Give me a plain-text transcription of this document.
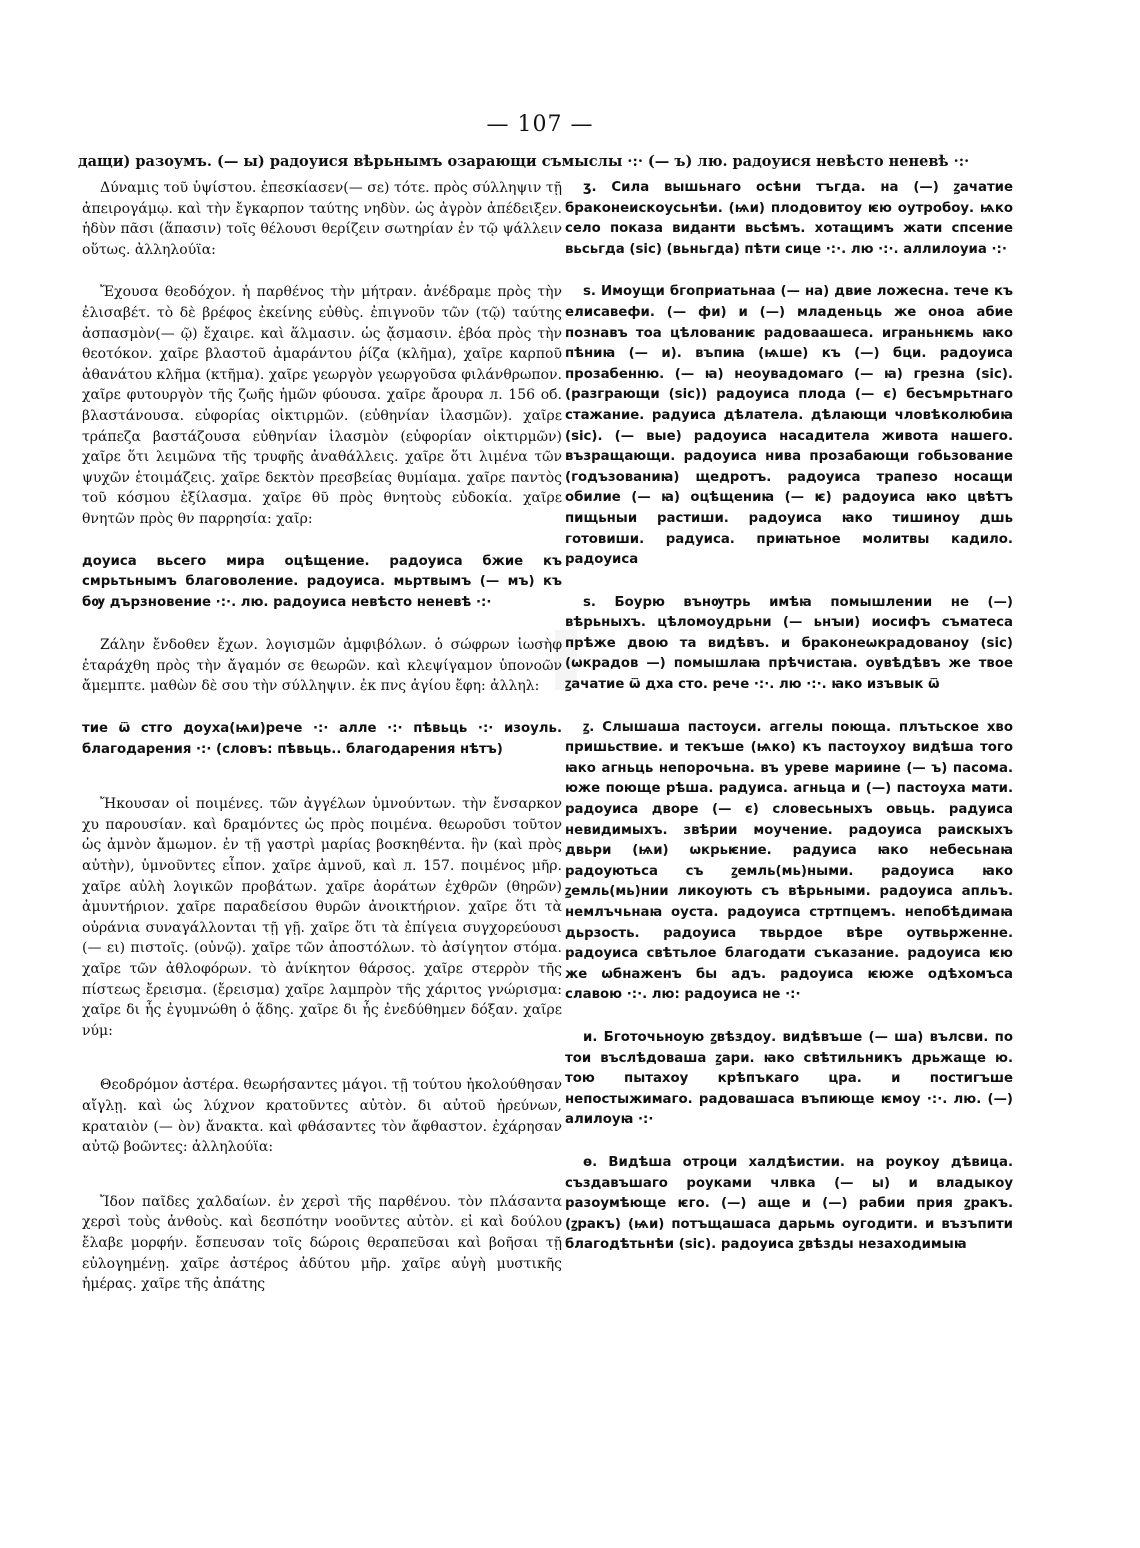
— 107 —
дащи) разоумъ. (— ы) радоуися вѣрьнымъ озарающи съмыслы ·:· (— ъ) лю. радоуися невѣсто неневѣ ·:·

Δύναμις τοῦ ὑψίστου. ἐπεσκίασεν(— σε) τότε. πρὸς σύλληψιν τῇ ἀπειρογάμῳ. καὶ τὴν ἔγκαρπον ταύτης νηδὺν. ὡς ἀγρὸν ἀπέδειξεν. ἡδὺν πᾶσι (ἅπασιν) τοῖς θέλουσι θερίζειν σωτηρίαν ἐν τῷ ψάλλειν οὕτως. ἀλληλούϊα:

Ἔχουσα θεοδόχον. ἡ παρθένος τὴν μήτραν. ἀνέδραμε πρὸς τὴν ἐλισαβέτ. τὸ δὲ βρέφος ἐκείνης εὐθὺς. ἐπιγνοῦν τῶν (τῷ) ταύτης ἀσπασμὸν(— ῷ) ἔχαιρε. καὶ ἅλμασιν. ὡς ᾄσμασιν. ἐβόα πρὸς τὴν θεοτόκον. χαῖρε βλαστοῦ ἀμαράντου ῥίζα (κλῆμα), χαῖρε καρποῦ ἀθανάτου κλῆμα (κτῆμα). χαῖρε γεωργὸν γεωργοῦσα φιλάνθρωπον. χαῖρε φυτουργὸν τῆς ζωῆς ἡμῶν φύουσα. χαῖρε ἄρουρα л. 156 об. βλαστάνουσα. εὐφορίας οἰκτιρμῶν. (εὐθηνίαν ἱλασμῶν). χαῖρε τράπεζα βαστάζουσα εὐθηνίαν ἱλασμὸν (εὐφορίαν οἰκτιρμῶν) χαῖρε ὅτι λειμῶνα τῆς τρυφῆς ἀναθάλλεις. χαῖρε ὅτι λιμένα τῶν ψυχῶν ἑτοιμάζεις. χαῖρε δεκτὸν πρεσβείας θυμίαμα. χαῖρε παντὸς τοῦ κόσμου ἐξίλασμα. χαῖρε θῦ πρὸς θνητοὺς εὐδοκία. χαῖρε θνητῶν πρὸς θν παρρησία: χαῖρ:

доуиса вьсего мира оцѣщение. радоуиса бжие къ смрьтьнымъ благоволение. радоуиса. мьртвымъ (— мъ) къ бѹ дързновение ·:·. лю. радоуиса невѣсто неневѣ ·:·

Ζάλην ἔνδοθεν ἔχων. λογισμῶν ἀμφιβόλων. ὁ σώφρων ἰωσὴφ ἐταράχθη πρὸς τὴν ἄγαμόν σε θεωρῶν. καὶ κλεψίγαμον ὑπονοῶν ἄμεμπτε. μαθὼν δὲ σου τὴν σύλληψιν. ἐκ πνς ἁγίου ἔφη: ἀλληλ:

тие ѿ стго доуха(ѩи)рече ·:· алле ·:· пѣвьць ·:· изоуль. благодарения ·:· (словъ: пѣвьць.. благодарения нѣтъ)

Ἤκουσαν οἱ ποιμένες. τῶν ἀγγέλων ὑμνούντων. τὴν ἔνσαρκον χυ παρουσίαν. καὶ δραμόντες ὡς πρὸς ποιμένα. θεωροῦσι τοῦτον ὡς ἀμνὸν ἄμωμον. ἐν τῇ γαστρὶ μαρίας βοσκηθέντα. ἣν (καὶ πρὸς αὐτὴν), ὑμνοῦντες εἶπον. χαῖρε ἀμνοῦ, καὶ л. 157. ποιμένος μῆρ. χαῖρε αὐλὴ λογικῶν προβάτων. χαῖρε ἀοράτων ἐχθρῶν (θηρῶν) ἀμυντήριον. χαῖρε παραδείσου θυρῶν ἀνοικτήριον. χαῖρε ὅτι τὰ οὐράνια συναγάλλονται τῇ γῇ. χαῖρε ὅτι τὰ ἐπίγεια συγχορεύουσι (— ει) πιστοῖς. (οὐνῷ). χαῖρε τῶν ἀποστόλων. τὸ ἀσίγητον στόμα. χαῖρε τῶν ἀθλοφόρων. τὸ ἀνίκητον θάρσος. χαῖρε στερρὸν τῆς πίστεως ἔρεισμα. (ἔρεισμα) χαῖρε λαμπρὸν τῆς χάριτος γνώρισμα: χαῖρε δι ἧς ἐγυμνώθη ὁ ᾅδης. χαῖρε δι ἧς ἐνεδύθημεν δόξαν. χαῖρε νύμ:

Θεοδρόμον ἀστέρα. θεωρήσαντες μάγοι. τῇ τούτου ἠκολούθησαν αἴγλῃ. καὶ ὡς λύχνον κρατοῦντες αὐτὸν. δι αὐτοῦ ἠρεύνων, κραταιὸν (— ὸν) ἄνακτα. καὶ φθάσαντες τὸν ἄφθαστον. ἐχάρησαν αὐτῷ βοῶντες: ἀλληλούϊα:

Ἴδον παῖδες χαλδαίων. ἐν χερσὶ τῆς παρθένου. τὸν πλάσαντα χερσὶ τοὺς ἀνθοὺς. καὶ δεσπότην νοοῦντες αὐτὸν. εἰ καὶ δούλου ἔλαβε μορφήν. ἔσπευσαν τοῖς δώροις θεραπεῦσαι καὶ βοῆσαι τῇ εὐλογημένῃ. χαῖρε ἀστέρος ἀδύτου μῆρ. χαῖρε αὐγὴ μυστικῆς ἡμέρας. χαῖρε τῆς ἀπάτης

ӡ. Сила вышьнаго осѣни тъгда. на (—) ꙁачатие браконеискоусьнѣи. (ѩи) плодовитоу ѥю оутробоу. ѩко село показа виданти вьсѣмъ. хотащимъ жати спсение вьсьгда (sic) (вьньгда) пѣти сице ·:·. лю ·:·. аллилоуиа ·:·

ѕ. Имоущи бгоприатьнаа (— на) двие ложесна. тече къ елисавефи. (— фи) и (—) младеньць же оноа абие познавъ тоа цѣлованиѥ радоваашеса. играньнѥмь ꙗко пѣниꙗ (— и). въпиꙗ (ѩше) къ (—) бци. радоуиса прозабенню. (— ꙗ) неоувадомаго (— ꙗ) грезна (sic). (разграющи (sic)) радоуиса плода (— є) бесъмрьтнаго стажание. радуиса дѣлатела. дѣлающи чловѣколюбиꙗ (sic). (— вые) радоуиса насадитела живота нашего. възращающи. радоуиса нива прозабающи гобьзование (годъзованиꙗ) щедротъ. радоуиса трапезо носащи обилие (— ꙗ) оцѣщениꙗ (— ѥ) радоуиса ꙗко цвѣтъ пищьныи растиши. радоуиса ꙗко тишиноу дшь готовиши. радуиса. приꙗтьное молитвы кадило. радоуиса

ѕ. Боурю вънѹтрь имѣꙗ помышлении не (—) вѣрьныхъ. цѣломоудрьни (— ьнꙑи) иосифъ съматеса прѣже двою та видѣвъ. и браконеѡкрадованоу (sic) (ѡкрадов —) помышлаꙗ прѣчистаꙗ. оувѣдѣвъ же твое ꙁачатие ѿ дха сто. рече ·:·. лю ·:·. ꙗко изъвык ѿ

ꙁ. Слышаша пастоуси. аггелы поюща. плътьское хво пришьствие. и текъше (ѩко) къ пастоухоу видѣша того ꙗко агньць непорочьна. въ уреве мариине (— ъ) пасома. юже поюще рѣша. радуиса. агньца и (—) пастоуха мати. радоуиса дворе (— є) словесьныхъ овьць. радуиса невидимыхъ. звѣрии моучение. радоуиса раискыхъ двьри (ѩи) ѡкрьѥние. радуиса ꙗко небесьнаꙗ радоуютьса съ ꙁемль(мь)ными. радоуиса ꙗко ꙁемль(мь)нии ликоують съ вѣрьными. радоуиса апльъ. немлъчьнаꙗ оуста. радоуиса стртпцемъ. непобѣдимаꙗ дьрзость. радоуиса твьрдое вѣре оутвьрженне. радоуиса свѣтьлое благодати съказание. радоуиса ѥю же ѡбнаженъ бы адъ. радоуиса ѥюже одѣхомъса славою ·:·. лю: радоуиса не ·:·

и. Бготочьноую ꙁвѣздоу. видѣвъше (— ша) вълсви. по тои въслѣдоваша ꙁари. ꙗко свѣтильникъ дрьжаще ю. тою пытахоу крѣпъкаго цра. и постигъше непостыжимаго. радовашаса въпиюще ѥмоу ·:·. лю. (—) алилоуꙗ ·:·

ѳ. Видѣша отроци халдѣистии. на роукоу дѣвица. създавъшаго роуками члвка (— ы) и владыкоу разоумѣюще ѥго. (—) аще и (—) рабии прия ꙁракъ. (ꙁракъ) (ѩи) потъщашаса дарьмь оугодити. и възъпити благодѣтьнѣи (sic). радоуиса ꙁвѣзды незаходимыꙗ
